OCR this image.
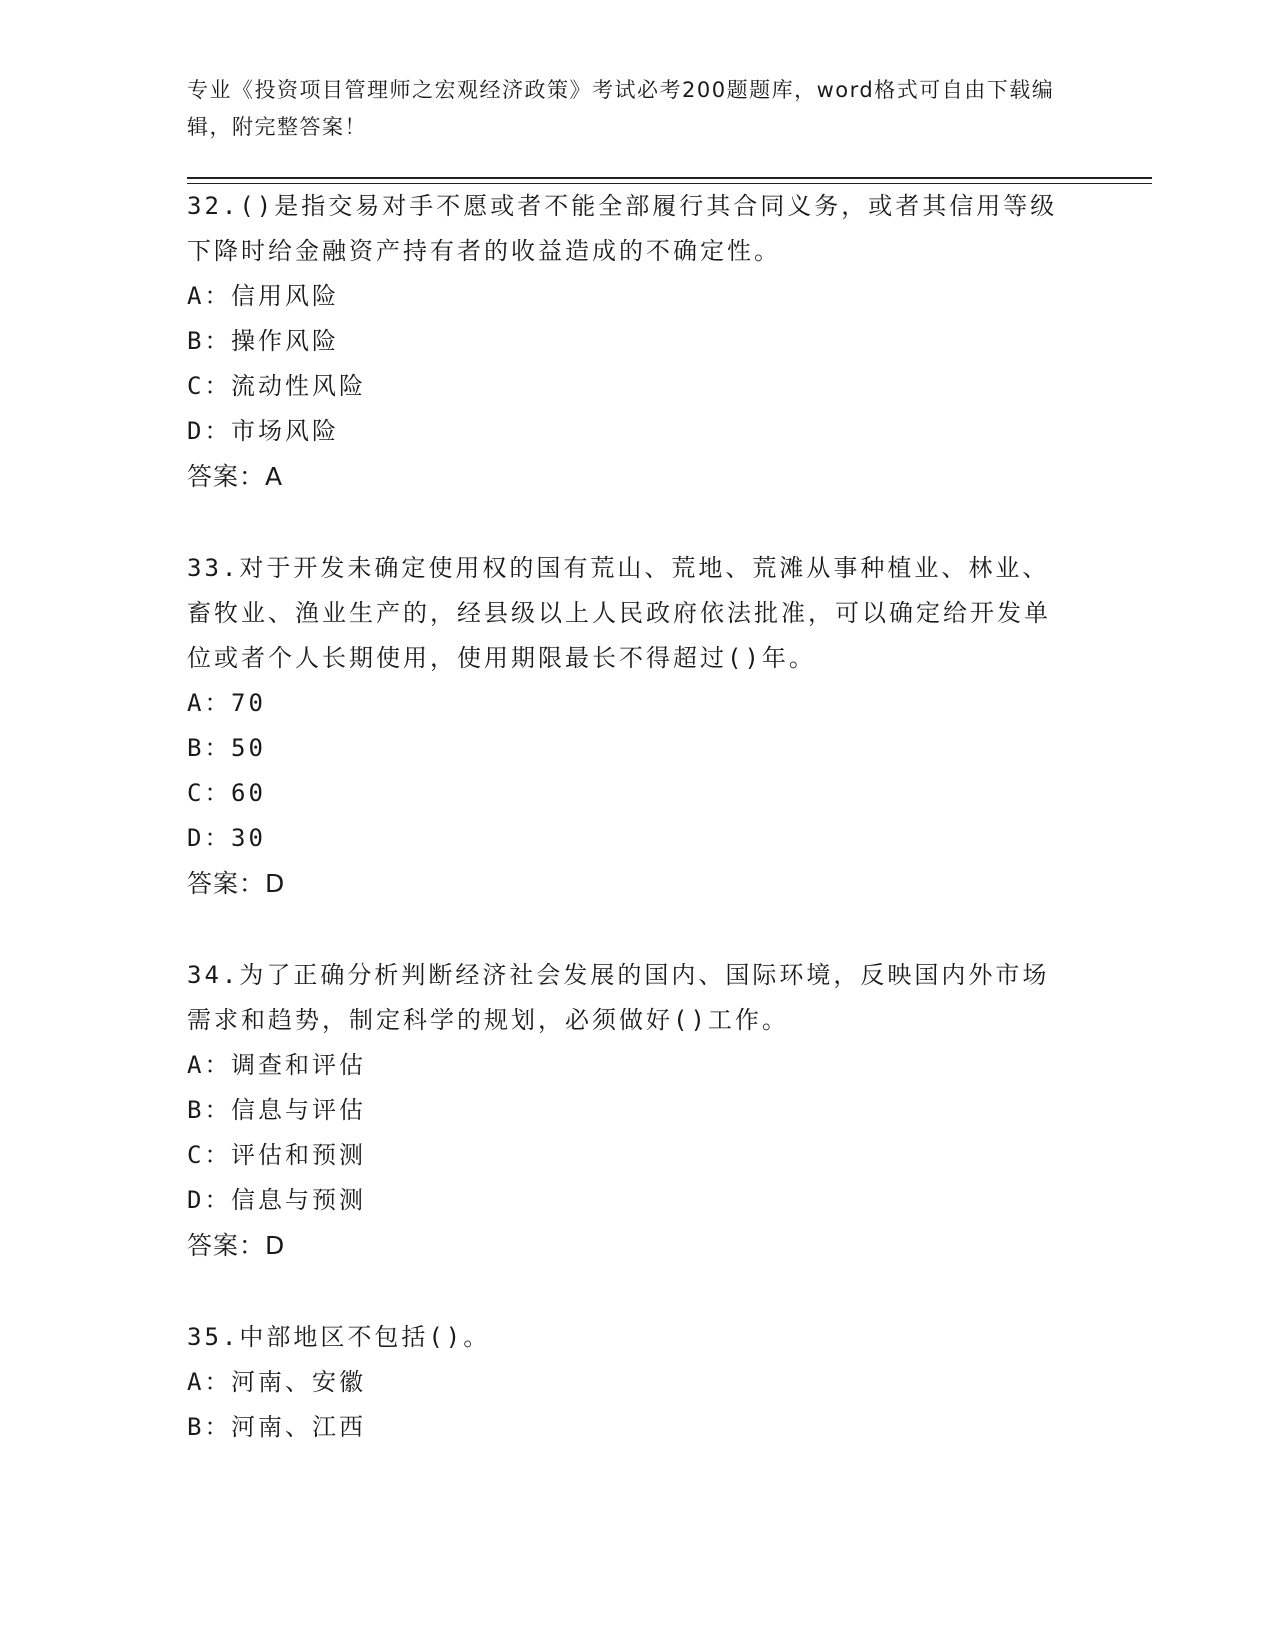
专业《投资项目管理师之宏观经济政策》考试必考200题题库，word格式可自由下载编辑，附完整答案！

32.()是指交易对手不愿或者不能全部履行其合同义务，或者其信用等级下降时给金融资产持有者的收益造成的不确定性。

A：信用风险

B：操作风险

C：流动性风险

D：市场风险

答案：A

33.对于开发未确定使用权的国有荒山、荒地、荒滩从事种植业、林业、畜牧业、渔业生产的，经县级以上人民政府依法批准，可以确定给开发单位或者个人长期使用，使用期限最长不得超过()年。

A：70

B：50

C：60

D：30

答案：D

34.为了正确分析判断经济社会发展的国内、国际环境，反映国内外市场需求和趋势，制定科学的规划，必须做好()工作。

A：调查和评估

B：信息与评估

C：评估和预测

D：信息与预测

答案：D

35.中部地区不包括()。

A：河南、安徽

B：河南、江西
